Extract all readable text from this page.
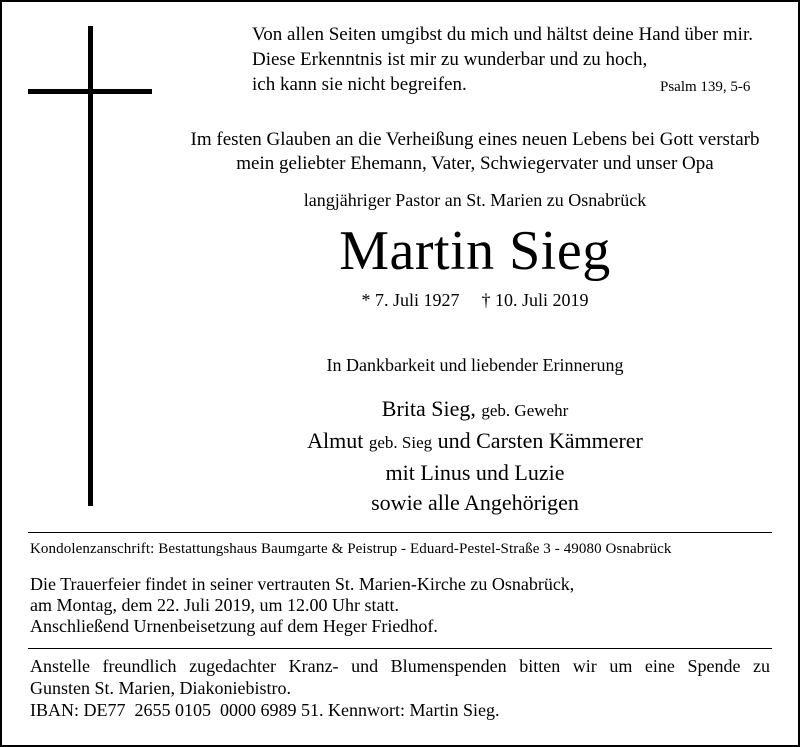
Von allen Seiten umgibst du mich und hältst deine Hand über mir.
Diese Erkenntnis ist mir zu wunderbar und zu hoch,
ich kann sie nicht begreifen.	Psalm 139, 5-6
Im festen Glauben an die Verheißung eines neuen Lebens bei Gott verstarb
mein geliebter Ehemann, Vater, Schwiegervater und unser Opa
langjähriger Pastor an St. Marien zu Osnabrück
Martin Sieg
* 7. Juli 1927 † 10. Juli 2019
In Dankbarkeit und liebender Erinnerung
Brita Sieg, geb. Gewehr
Almut geb. Sieg und Carsten Kämmerer
mit Linus und Luzie
sowie alle Angehörigen
Kondolenzanschrift: Bestattungshaus Baumgarte & Peistrup - Eduard-Pestel-Straße 3 - 49080 Osnabrück
Die Trauerfeier findet in seiner vertrauten St. Marien-Kirche zu Osnabrück,
am Montag, dem 22. Juli 2019, um 12.00 Uhr statt.
Anschließend Urnenbeisetzung auf dem Heger Friedhof.
Anstelle freundlich zugedachter Kranz- und Blumenspenden bitten wir um eine Spende zu
Gunsten St. Marien, Diakoniebistro.
IBAN: DE77  2655 0105  0000 6989 51. Kennwort: Martin Sieg.
